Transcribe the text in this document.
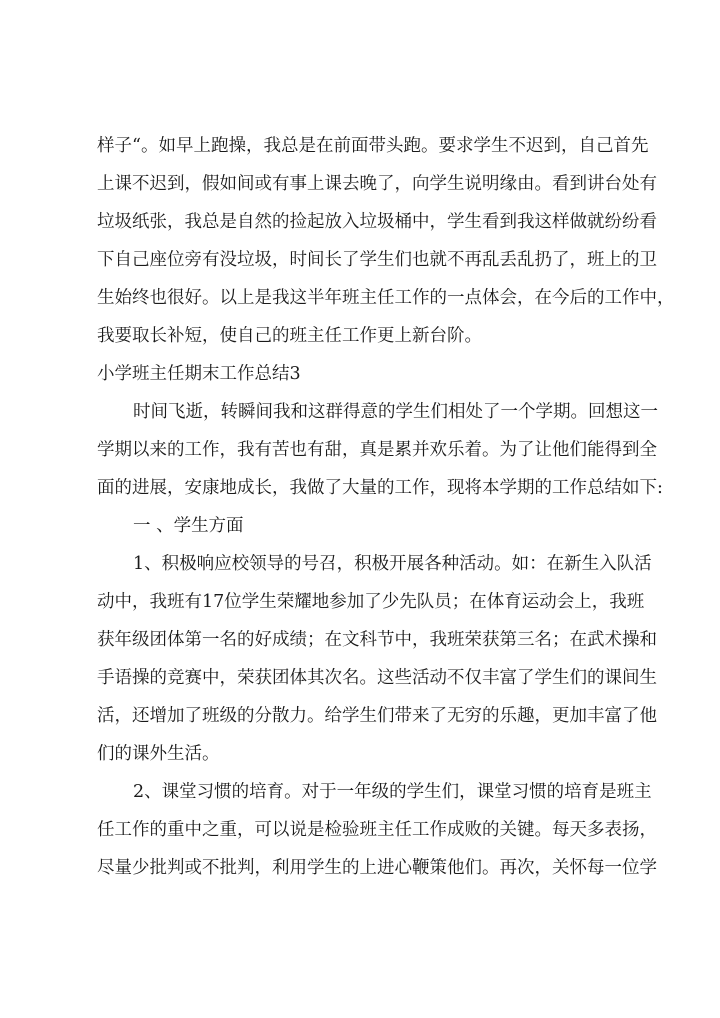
样子“。如早上跑操，我总是在前面带头跑。要求学生不迟到，自己首先
上课不迟到，假如间或有事上课去晚了，向学生说明缘由。看到讲台处有
垃圾纸张，我总是自然的捡起放入垃圾桶中，学生看到我这样做就纷纷看
下自己座位旁有没垃圾，时间长了学生们也就不再乱丢乱扔了，班上的卫
生始终也很好。以上是我这半年班主任工作的一点体会，在今后的工作中，
我要取长补短，使自己的班主任工作更上新台阶。
小学班主任期末工作总结3
时间飞逝，转瞬间我和这群得意的学生们相处了一个学期。回想这一
学期以来的工作，我有苦也有甜，真是累并欢乐着。为了让他们能得到全
面的进展，安康地成长，我做了大量的工作，现将本学期的工作总结如下:
一 、学生方面
1、积极响应校领导的号召，积极开展各种活动。如：在新生入队活
动中，我班有17位学生荣耀地参加了少先队员；在体育运动会上，我班
获年级团体第一名的好成绩；在文科节中，我班荣获第三名；在武术操和
手语操的竞赛中，荣获团体其次名。这些活动不仅丰富了学生们的课间生
活，还增加了班级的分散力。给学生们带来了无穷的乐趣，更加丰富了他
们的课外生活。
2、课堂习惯的培育。对于一年级的学生们，课堂习惯的培育是班主
任工作的重中之重，可以说是检验班主任工作成败的关键。每天多表扬，
尽量少批判或不批判，利用学生的上进心鞭策他们。再次，关怀每一位学
